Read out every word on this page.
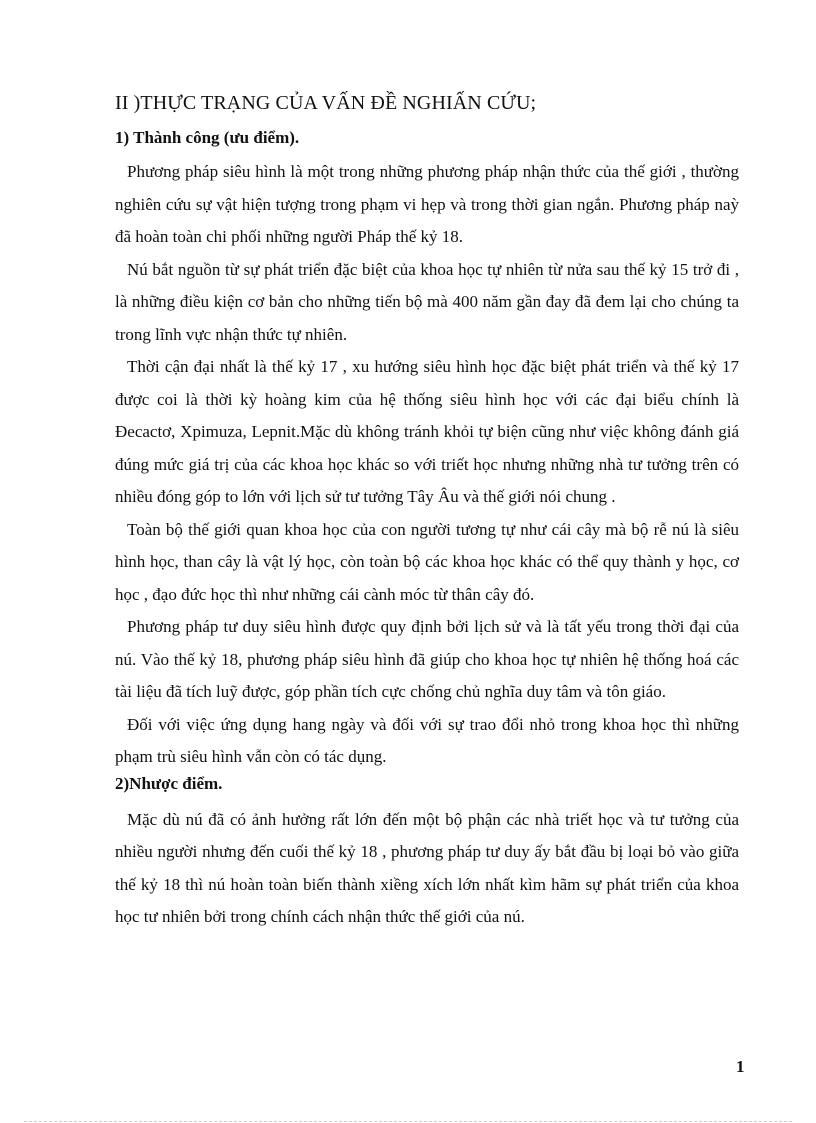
II )THỰC TRẠNG CỦA VẤN ĐỀ NGHIẤN CỨU;
1) Thành công (ưu điểm).

Phương pháp siêu hình là một trong những phương pháp nhận thức của thế giới , thường nghiên cứu sự vật hiện tượng trong phạm vi hẹp và trong thời gian ngắn. Phương pháp naỳ đã hoàn toàn chi phối những người Pháp thế kỷ 18.

Nú bắt nguồn từ sự phát triển đặc biệt của khoa học tự nhiên từ nửa sau thế kỷ 15 trở đi , là những điều kiện cơ bản cho những tiến bộ mà 400 năm gần đay đã đem lại cho chúng ta trong lĩnh vực nhận thức tự nhiên.

Thời cận đại nhất là thế kỷ 17 , xu hướng siêu hình học đặc biệt phát triển và thế kỷ 17 được coi là thời kỳ hoàng kim của hệ thống siêu hình học với các đại biểu chính là Đecactơ, Xpimuza, Lepnit.Mặc dù không tránh khỏi tự biện cũng như việc không đánh giá đúng mức giá trị của các khoa học khác so với triết học nhưng những nhà tư tưởng trên có nhiều đóng góp to lớn với lịch sử tư tưởng Tây Âu và thế giới nói chung .

Toàn bộ thế giới quan khoa học của con người tương tự như cái cây mà bộ rễ nú là siêu hình học, than cây là vật lý học, còn toàn bộ các khoa học khác có thể quy thành y học, cơ học , đạo đức học thì như những cái cành móc từ thân cây đó.

Phương pháp tư duy siêu hình được quy định bởi lịch sử và là tất yếu trong thời đại của nú. Vào thế kỷ 18, phương pháp siêu hình đã giúp cho khoa học tự nhiên hệ thống hoá các tài liệu đã tích luỹ được, góp phần tích cực chống chủ nghĩa duy tâm và tôn giáo.

Đối với việc ứng dụng hang ngày và đối với sự trao đổi nhỏ trong khoa học thì những phạm trù siêu hình vẫn còn có tác dụng.

2)Nhược điểm.

Mặc dù nú đã có ảnh hưởng rất lớn đến một bộ phận các nhà triết học và tư tưởng của nhiều người nhưng đến cuối thế kỷ 18 , phương pháp tư duy ấy bắt đầu bị loại bỏ vào giữa thế kỷ 18 thì nú hoàn toàn biến thành xiềng xích lớn nhất kìm hãm sự phát triển của khoa học tư nhiên bởi trong chính cách nhận thức thế giới của nú.

1
